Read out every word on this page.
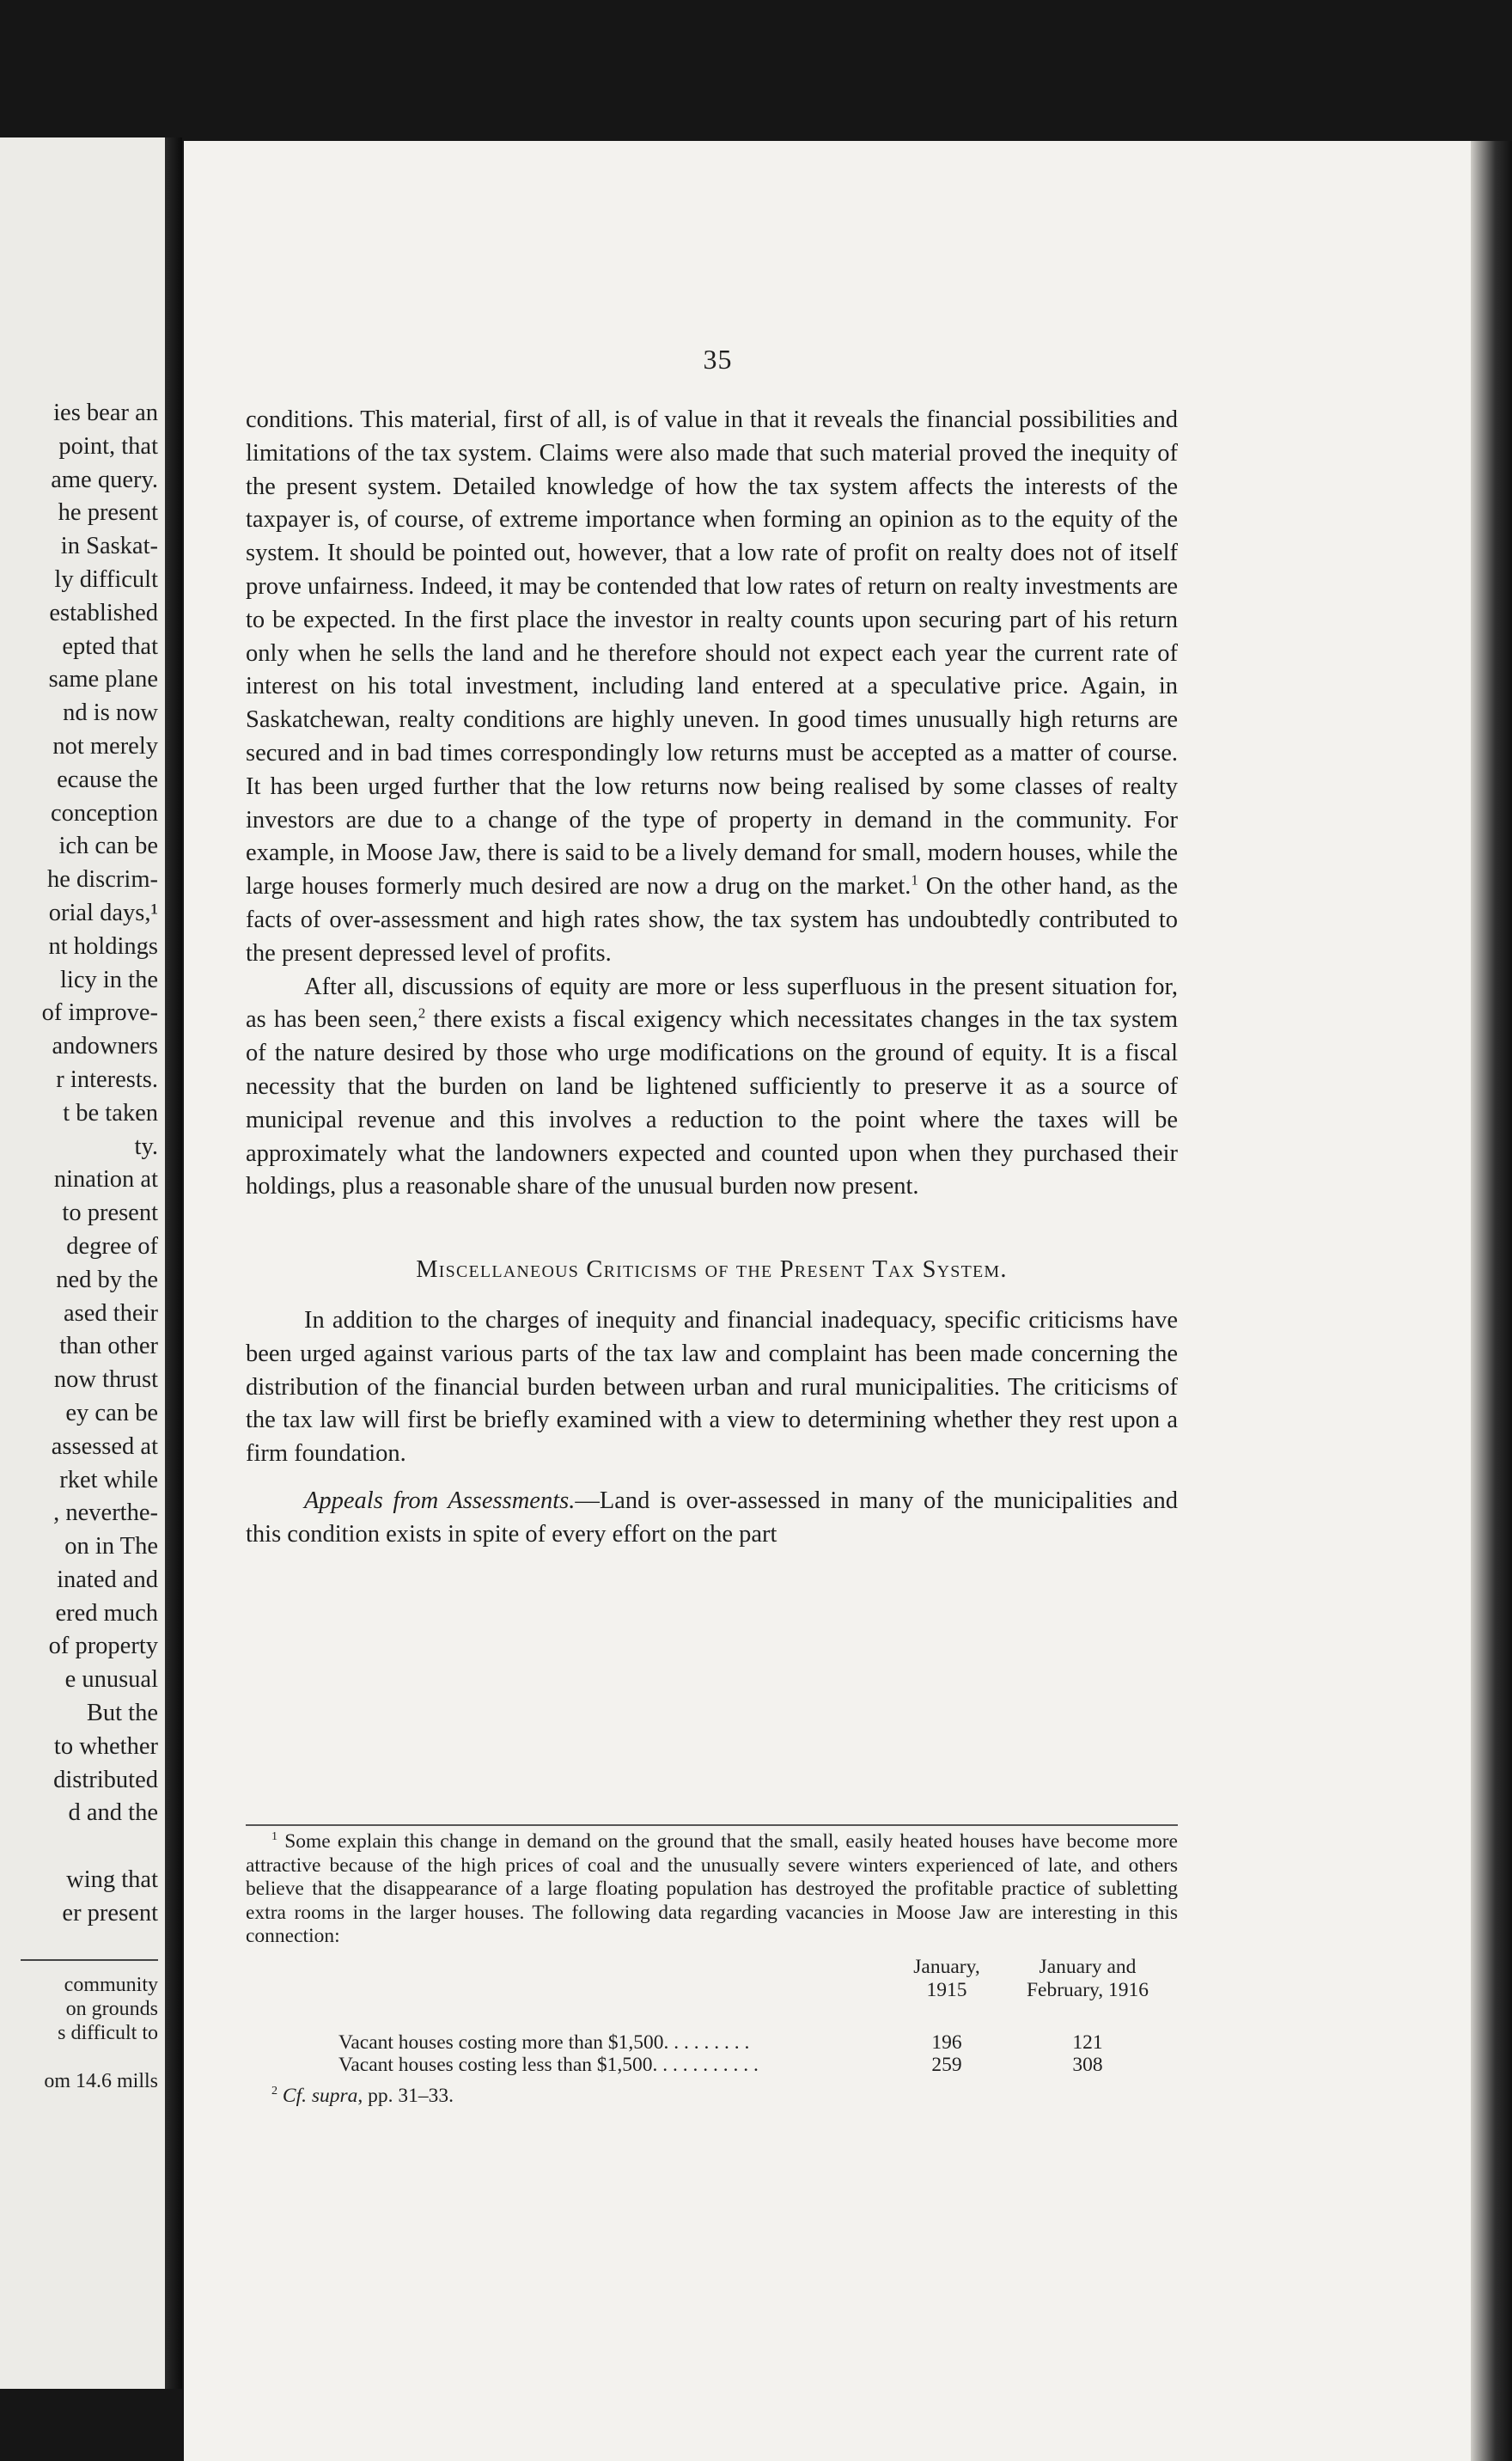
ies bear an
point, that
ame query.
he present
in Saskat-
ly difficult
established
epted that
same plane
nd is now
not merely
ecause the
conception
ich can be
he discrim-
orial days,¹
nt holdings
licy in the
of improve-
andowners
r interests.
t be taken
ty.
nination at
to present
degree of
ned by the
ased their
than other
now thrust
ey can be
assessed at
rket while
, neverthe-
on in The
inated and
ered much
of property
e unusual
But the
to whether
distributed
d and the
wing that
er present
community
on grounds
s difficult to
om 14.6 mills
35

conditions. This material, first of all, is of value in that it reveals the financial possibilities and limitations of the tax system. Claims were also made that such material proved the inequity of the present system. Detailed knowledge of how the tax system affects the interests of the taxpayer is, of course, of extreme importance when forming an opinion as to the equity of the system. It should be pointed out, however, that a low rate of profit on realty does not of itself prove unfairness. Indeed, it may be contended that low rates of return on realty investments are to be expected. In the first place the investor in realty counts upon securing part of his return only when he sells the land and he therefore should not expect each year the current rate of interest on his total investment, including land entered at a speculative price. Again, in Saskatchewan, realty conditions are highly uneven. In good times unusually high returns are secured and in bad times correspondingly low returns must be accepted as a matter of course. It has been urged further that the low returns now being realised by some classes of realty investors are due to a change of the type of property in demand in the community. For example, in Moose Jaw, there is said to be a lively demand for small, modern houses, while the large houses formerly much desired are now a drug on the market.$^1$ On the other hand, as the facts of over-assessment and high rates show, the tax system has undoubtedly contributed to the present depressed level of profits.

After all, discussions of equity are more or less superfluous in the present situation for, as has been seen,$^2$ there exists a fiscal exigency which necessitates changes in the tax system of the nature desired by those who urge modifications on the ground of equity. It is a fiscal necessity that the burden on land be lightened sufficiently to preserve it as a source of municipal revenue and this involves a reduction to the point where the taxes will be approximately what the landowners expected and counted upon when they purchased their holdings, plus a reasonable share of the unusual burden now present.

Miscellaneous Criticisms of the Present Tax System.

In addition to the charges of inequity and financial inadequacy, specific criticisms have been urged against various parts of the tax law and complaint has been made concerning the distribution of the financial burden between urban and rural municipalities. The criticisms of the tax law will first be briefly examined with a view to determining whether they rest upon a firm foundation.

Appeals from Assessments.—Land is over-assessed in many of the municipalities and this condition exists in spite of every effort on the part

$^1$ Some explain this change in demand on the ground that the small, easily heated houses have become more attractive because of the high prices of coal and the unusually severe winters experienced of late, and others believe that the disappearance of a large floating population has destroyed the profitable practice of subletting extra rooms in the larger houses. The following data regarding vacancies in Moose Jaw are interesting in this connection:

January, 1915
January and February, 1916
Vacant houses costing more than $1,500. . . . . . . . .	196	121
Vacant houses costing less than $1,500. . . . . . . . . . .	259	308

$^2$ Cf. supra, pp. 31–33.
